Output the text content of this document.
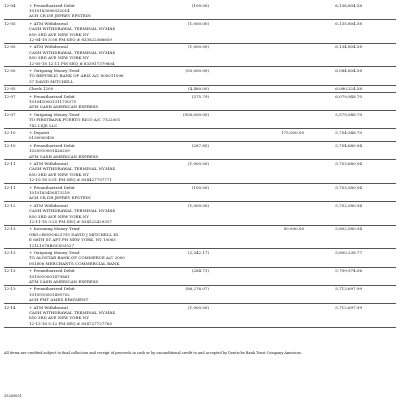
12-04	+ Preauthorized Debit
1010183080032014
ACH CR DR JEFREY EPSTEIN
(100.00)	6,136,804.58
12-05	+ ATM Withdrawal
CASH WITHDRAWAL TERMINAL NY3484
850 3RD AVE NEW YORK NY
12-04-18 5:58 PM SEQ # 833822366859
(1,000.00)	6,135,804.58
12-05	+ ATM Withdrawal
CASH WITHDRAWAL TERMINAL NY3484
850 3RD AVE NEW YORK NY
12-05-18 12:11 PM SEQ # 833917379854
(1,000.00)	6,134,804.58
12-05	+ Outgoing Money Trnsf
TO REPUBLIC BANK OF ARIZ A/C 800011096
37 DAVID MITCHELL
(50,000.00)	6,084,804.58
12-05	Check 1200	(4,480.00)	6,080,324.58
12-07	+ Preauthorized Debit
1010410001311730/75
ATM CASH AMERICAN EXPRESS
(375.79)	6,079,948.70
12-07	+ Outgoing Money Trnsf
TO FIRSTBANK PUERTO RICO A/C 7522001
742 LSJE LLC
(500,000.00)	5,579,948.70
12-10	+ Deposit
0150000450
175,000.00	5,754,948.70
12-10	+ Preauthorized Debit
1020910001426259
ATM CASH AMERICAN EXPRESS
(267.85)	5,754,680.94
12-11	+ ATM Withdrawal
CASH WITHDRAWAL TERMINAL NY3484
850 3RD AVE NEW YORK NY
12-10-18 5:51 PM SEQ # 834427797771
(1,000.00)	5,753,680.94
12-11	+ Preauthorized Debit
1010183450473218
ACH CR DR JEFREY EPSTEIN
(100.00)	5,753,580.94
12-12	+ ATM Withdrawal
CASH WITHDRAWAL TERMINAL NY3484
850 3RD AVE NEW YORK NY
12-11-18 3:25 PM SEQ # 834522429357
(1,000.00)	5,752,580.94
12-13	+ Incoming Money Trnsf
ORG=BOOO623755 DAVID J MITCHELL 45
E 66TH ST APT PH NEW YORK, NY 10065
121L1078BGC003527
50,000.00	5,802,580.94
12-13	+ Outgoing Money Trnsf
TO ALOSTAR BANK OF COMMERCE A/C 2000
001806 MERCHANTS COMMERCIAL BANK
(2,342.17)	5,800,238.77
12-13	+ Preauthorized Debit
1010910001479861
ATM CASH AMERICAN EXPRESS
(264.71)	5,799,974.06
12-13	+ Preauthorized Debit
1010910001490702
ACH PMT AMEX EPAYMENT
(86,276.07)	5,713,697.99
12-14	+ ATM Withdrawal
CASH WITHDRAWAL TERMINAL NY3484
850 3RD AVE NEW YORK NY
12-13-18 5:12 PM SEQ # 834727727763
(1,000.00)	5,712,697.99
All items are credited subject to final collection and receipt of proceeds in cash or by unconditional credit to and accepted by Deutsche Bank Trust Company Americas.
35269051
